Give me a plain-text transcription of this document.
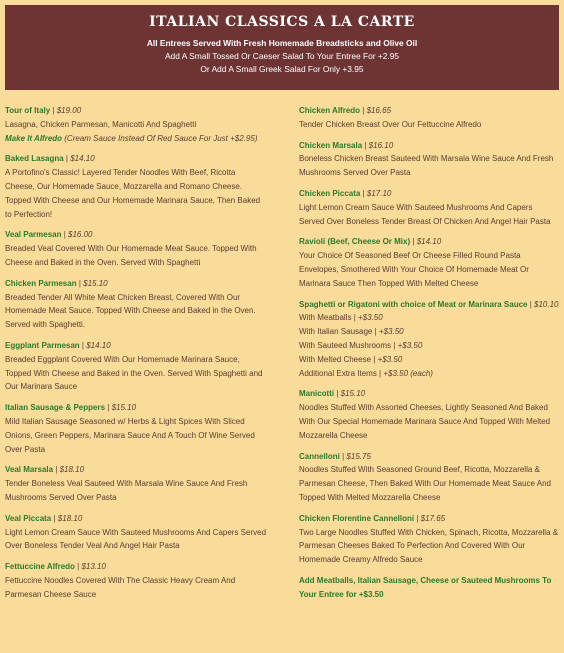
ITALIAN CLASSICS A LA CARTE
All Entrees Served With Fresh Homemade Breadsticks and Olive Oil
Add A Small Tossed Or Caeser Salad To Your Entree For +2.95
Or Add A Small Greek Salad For Only +3.95
Tour of Italy | $19.00
Lasagna, Chicken Parmesan, Manicotti And Spaghetti
Make It Alfredo (Cream Sauce Instead Of Red Sauce For Just +$2.95)
Baked Lasagna | $14.10
A Portofino's Classic! Layered Tender Noodles With Beef, Ricotta Cheese, Our Homemade Sauce, Mozzarella and Romano Cheese. Topped With Cheese and Our Homemade Marinara Sauce, Then Baked to Perfection!
Veal Parmesan | $16.00
Breaded Veal Covered With Our Homemade Meat Sauce. Topped With Cheese and Baked in the Oven. Served With Spaghetti
Chicken Parmesan | $15.10
Breaded Tender All White Meat Chicken Breast, Covered With Our Homemade Meat Sauce. Topped With Cheese and Baked in the Oven. Served with Spaghetti.
Eggplant Parmesan | $14.10
Breaded Eggplant Covered With Our Homemade Marinara Sauce, Topped With Cheese and Baked in the Oven. Served With Spaghetti and Our Marinara Sauce
Italian Sausage & Peppers | $15.10
Mild Italian Sausage Seasoned w/ Herbs & Light Spices With Sliced Onions, Green Peppers, Marinara Sauce And A Touch Of Wine Served Over Pasta
Veal Marsala | $18.10
Tender Boneless Veal Sauteed With Marsala Wine Sauce And Fresh Mushrooms Served Over Pasta
Veal Piccata | $18.10
Light Lemon Cream Sauce With Sauteed Mushrooms And Capers Served Over Boneless Tender Veal And Angel Hair Pasta
Fettuccine Alfredo | $13.10
Fettuccine Noodles Covered With The Classic Heavy Cream And Parmesan Cheese Sauce
Chicken Alfredo | $16.65
Tender Chicken Breast Over Our Fettuccine Alfredo
Chicken Marsala | $16.10
Boneless Chicken Breast Sauteed With Marsala Wine Sauce And Fresh Mushrooms Served Over Pasta
Chicken Piccata | $17.10
Light Lemon Cream Sauce With Sauteed Mushrooms And Capers Served Over Boneless Tender Breast Of Chicken And Angel Hair Pasta
Ravioli (Beef, Cheese Or Mix) | $14.10
Your Choice Of Seasoned Beef Or Cheese Filled Round Pasta Envelopes, Smothered With Your Choice Of Homemade Meat Or Marinara Sauce Then Topped With Melted Cheese
Spaghetti or Rigatoni with choice of Meat or Marinara Sauce | $10.10
With Meatballs | +$3.50
With Italian Sausage | +$3.50
With Sauteed Mushrooms | +$3.50
With Melted Cheese | +$3.50
Additional Extra Items | +$3.50 (each)
Manicotti | $15.10
Noodles Stuffed With Assorted Cheeses, Lightly Seasoned And Baked With Our Special Homemade Marinara Sauce And Topped With Melted Mozzarella Cheese
Cannelloni | $15.75
Noodles Stuffed With Seasoned Ground Beef, Ricotta, Mozzarella & Parmesan Cheese, Then Baked With Our Homemade Meat Sauce And Topped With Melted Mozzarella Cheese
Chicken Florentine Cannelloni | $17.65
Two Large Noodles Stuffed With Chicken, Spinach, Ricotta, Mozzarella & Parmesan Cheeses Baked To Perfection And Covered With Our Homemade Creamy Alfredo Sauce
Add Meatballs, Italian Sausage, Cheese or Sauteed Mushrooms To Your Entree for +$3.50
